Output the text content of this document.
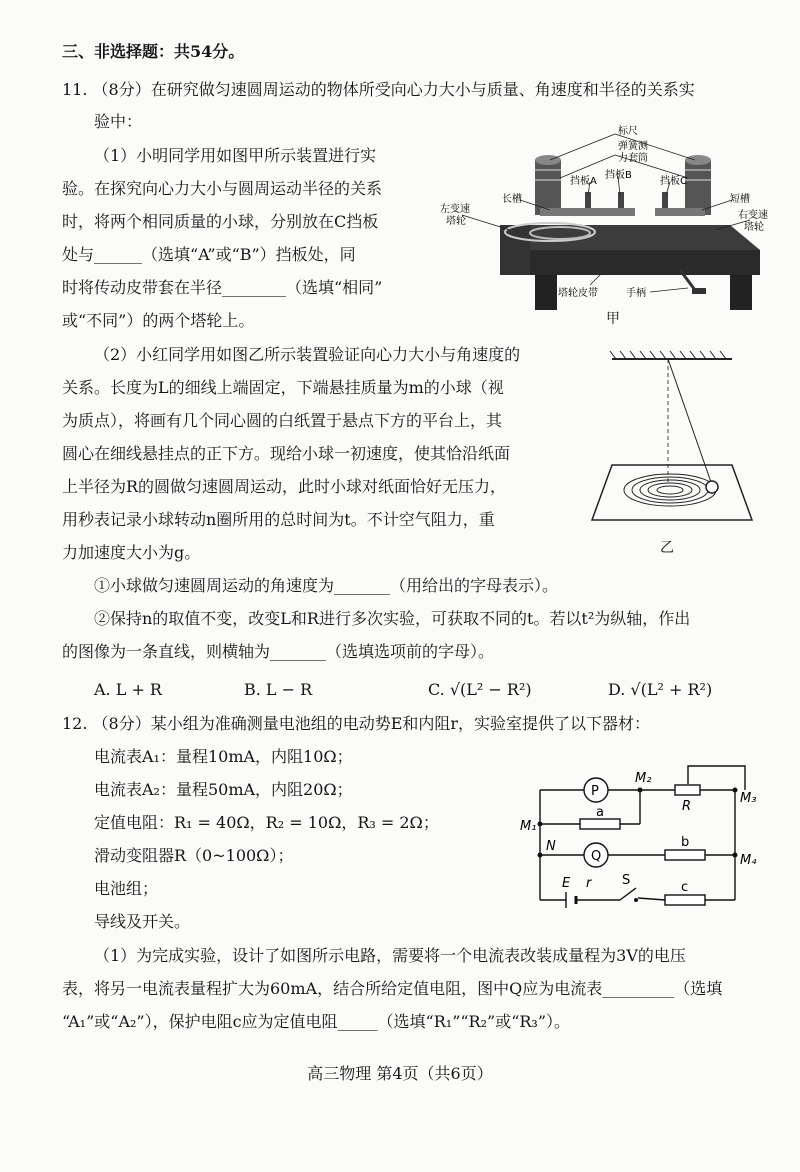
三、非选择题：共54分。
11. （8分）在研究做匀速圆周运动的物体所受向心力大小与质量、角速度和半径的关系实
验中：
（1）小明同学用如图甲所示装置进行实
验。在探究向心力大小与圆周运动半径的关系
时，将两个相同质量的小球，分别放在C挡板
处与______（选填“A”或“B”）挡板处，同
时将传动皮带套在半径________（选填“相同”
或“不同”）的两个塔轮上。
标尺
弹簧测
力套筒
挡板A
挡板B
挡板C
长槽	短槽
左变速
塔轮
右变速
塔轮
塔轮皮带	手柄
甲
（2）小红同学用如图乙所示装置验证向心力大小与角速度的
关系。长度为L的细线上端固定，下端悬挂质量为m的小球（视
为质点），将画有几个同心圆的白纸置于悬点下方的平台上，其
圆心在细线悬挂点的正下方。现给小球一初速度，使其恰沿纸面
上半径为R的圆做匀速圆周运动，此时小球对纸面恰好无压力，
用秒表记录小球转动n圈所用的总时间为t。不计空气阻力，重
力加速度大小为g。	乙
①小球做匀速圆周运动的角速度为_______（用给出的字母表示）。
②保持n的取值不变，改变L和R进行多次实验，可获取不同的t。若以t²为纵轴，作出
的图像为一条直线，则横轴为_______（选填选项前的字母）。
A. L + R	B. L − R	C. √(L² − R²)	D. √(L² + R²)
12. （8分）某小组为准确测量电池组的电动势E和内阻r，实验室提供了以下器材：
电流表A₁：量程10mA，内阻10Ω；
电流表A₂：量程50mA，内阻20Ω；
定值电阻：R₁ = 40Ω，R₂ = 10Ω，R₃ = 2Ω；
滑动变阻器R（0~100Ω）；
电池组；
导线及开关。
P
Q
M₂
M₃
M₁
M₄
N
R
a
b
c
E r S
（1）为完成实验，设计了如图所示电路，需要将一个电流表改装成量程为3V的电压
表，将另一电流表量程扩大为60mA，结合所给定值电阻，图中Q应为电流表_________（选填
“A₁”或“A₂”），保护电阻c应为定值电阻_____（选填“R₁”“R₂”或“R₃”）。
高三物理 第4页（共6页）
